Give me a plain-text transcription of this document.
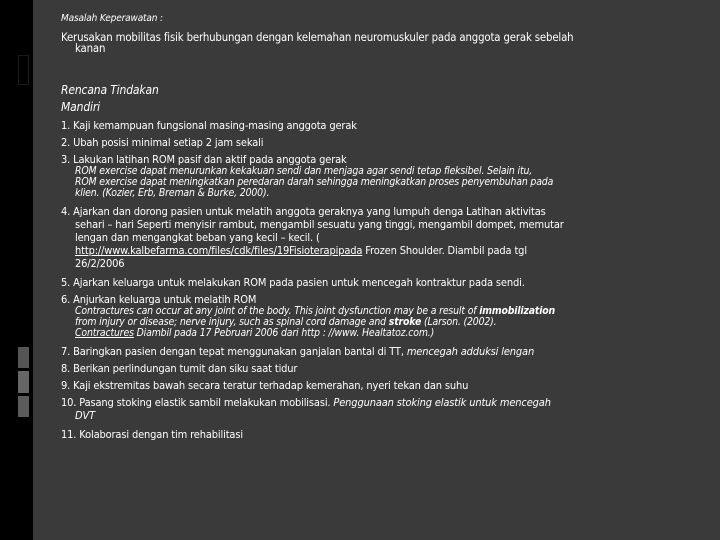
Masalah Keperawatan :
Kerusakan mobilitas fisik berhubungan dengan kelemahan neuromuskuler pada anggota gerak sebelah
kanan
Rencana Tindakan
Mandiri
1. Kaji kemampuan fungsional masing-masing anggota gerak
2. Ubah posisi minimal setiap 2 jam sekali
3. Lakukan latihan ROM pasif dan aktif pada anggota gerak
ROM exercise dapat menurunkan kekakuan sendi dan menjaga agar sendi tetap fleksibel. Selain itu,
ROM exercise dapat meningkatkan peredaran darah sehingga meningkatkan proses penyembuhan pada
klien. (Kozier, Erb, Breman & Burke, 2000).
4. Ajarkan dan dorong pasien untuk melatih anggota geraknya yang lumpuh denga Latihan aktivitas
sehari – hari Seperti menyisir rambut, mengambil sesuatu yang tinggi, mengambil dompet, memutar
lengan dan mengangkat beban yang kecil – kecil. (
http://www.kalbefarma.com/files/cdk/files/19Fisioterapipada Frozen Shoulder. Diambil pada tgl
26/2/2006
5. Ajarkan keluarga untuk melakukan ROM pada pasien untuk mencegah kontraktur pada sendi.
6. Anjurkan keluarga untuk melatih ROM
Contractures can occur at any joint of the body. This joint dysfunction may be a result of immobilization
from injury or disease; nerve injury, such as spinal cord damage and stroke (Larson. (2002).
Contractures Diambil pada 17 Pebruari 2006 dari http : //www. Healtatoz.com.)
7. Baringkan pasien dengan tepat menggunakan ganjalan bantal di TT, mencegah adduksi lengan
8. Berikan perlindungan tumit dan siku saat tidur
9. Kaji ekstremitas bawah secara teratur terhadap kemerahan, nyeri tekan dan suhu
10. Pasang stoking elastik sambil melakukan mobilisasi. Penggunaan stoking elastik untuk mencegah
DVT
11. Kolaborasi dengan tim rehabilitasi
